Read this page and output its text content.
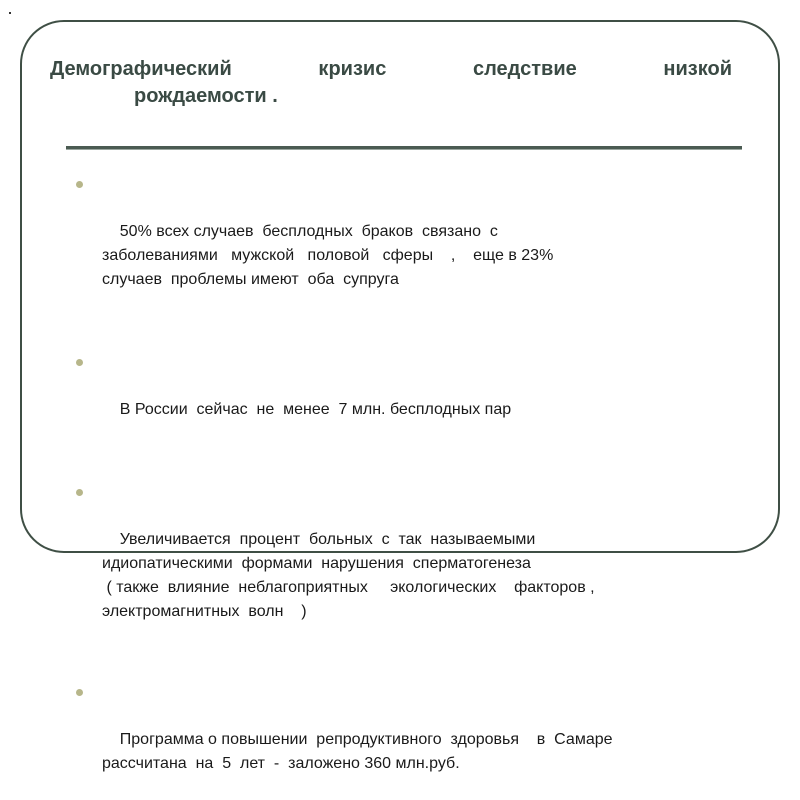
Демографический кризис следствие низкой
рождаемости .

50% всех случаев  бесплодных  браков  связано  с
заболеваниями   мужской   половой   сферы    ,    еще в 23%
случаев  проблемы имеют  оба  супруга

В России  сейчас  не  менее  7 млн. бесплодных пар

Увеличивается  процент  больных  с  так  называемыми
идиопатическими  формами  нарушения  сперматогенеза
( также  влияние  неблагоприятных     экологических    факторов ,
электромагнитных  волн    )

Программа о повышении  репродуктивного  здоровья    в  Самаре
рассчитана  на  5  лет  -  заложено 360 млн.руб.
